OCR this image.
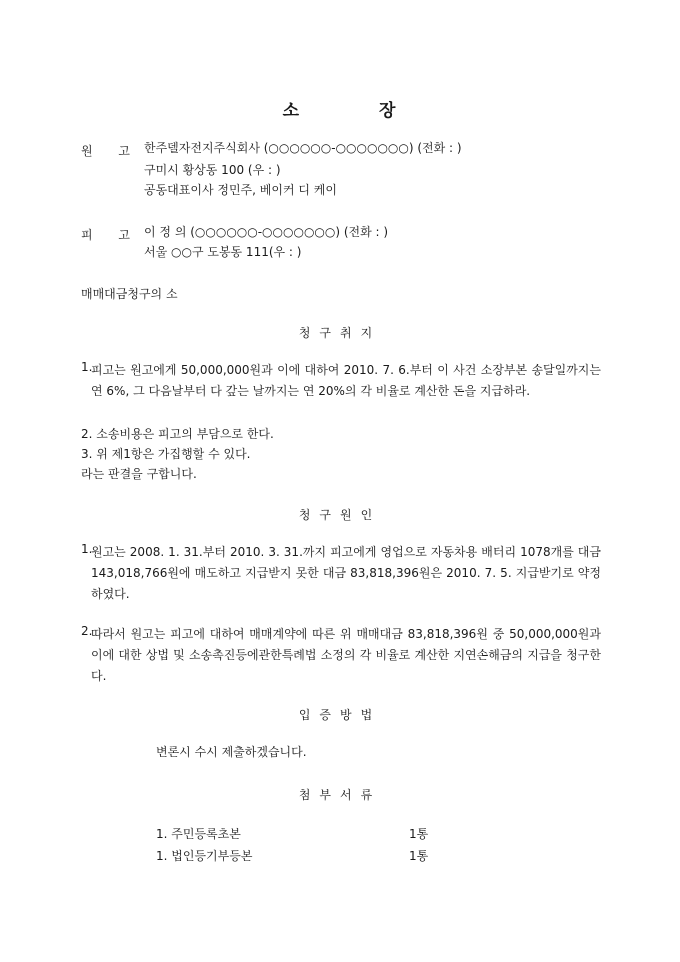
소	장
원 고 한주델자전지주식회사 (○○○○○○-○○○○○○○) (전화 : )
구미시 황상동 100 (우 : )
공동대표이사 정민주, 베이커 디 케이
피 고 이 정 의 (○○○○○○-○○○○○○○) (전화 : )
서울 ○○구 도봉동 111(우 : )
매매대금청구의 소
청구취지
1.
피고는 원고에게 50,000,000원과 이에 대하여 2010. 7. 6.부터 이 사건 소장부본 송달일까지는 연 6%, 그 다음날부터 다 갚는 날까지는 연 20%의 각 비율로 계산한 돈을 지급하라.
2. 소송비용은 피고의 부담으로 한다.
3. 위 제1항은 가집행할 수 있다.
라는 판결을 구합니다.
청구원인
1.
원고는 2008. 1. 31.부터 2010. 3. 31.까지 피고에게 영업으로 자동차용 배터리 1078개를 대금 143,018,766원에 매도하고 지급받지 못한 대금 83,818,396원은 2010. 7. 5. 지급받기로 약정하였다.
2.
따라서 원고는 피고에 대하여 매매계약에 따른 위 매매대금 83,818,396원 중 50,000,000원과 이에 대한 상법 및 소송촉진등에관한특례법 소정의 각 비율로 계산한 지연손해금의 지급을 청구한다.
입증방법
변론시 수시 제출하겠습니다.
첨부서류
1. 주민등록초본	1통
1. 법인등기부등본	1통
